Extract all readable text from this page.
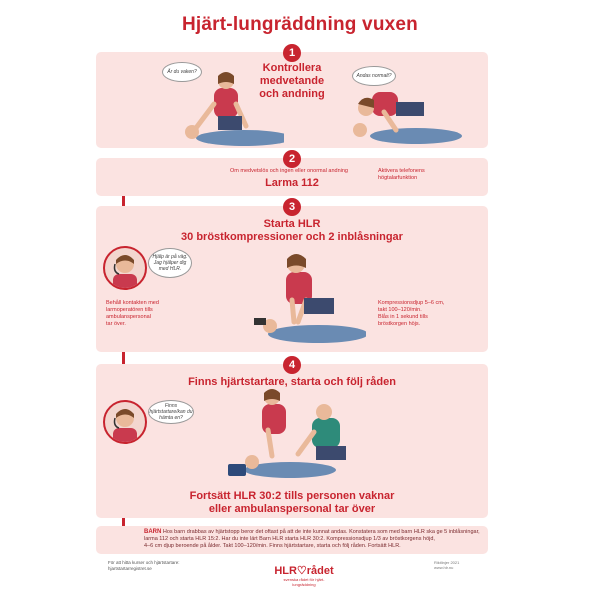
Hjärt-lungräddning vuxen
1
Kontrollera medvetande
och andning
Är du vaken?
Andas normalt?
2
Om medvetslös och ingen eller onormal andning
Larma 112
Aktivera telefonens
högtalarfunktion
3
Starta HLR
30 bröstkompressioner och 2 inblåsningar
Hjälp är på väg. Jag hjälper dig med HLR.
Behåll kontakten med
larmoperatören tills
ambulanspersonal
tar över.
Kompressionsdjup 5–6 cm,
takt 100–120/min.
Blås in 1 sekund tills
bröstkorgen höjs.
4
Finns hjärtstartare, starta och följ råden
Finns hjärtstartare/kan du hämta en?
Fortsätt HLR 30:2 tills personen vaknar
eller ambulanspersonal tar över
BARN Hos barn drabbas av hjärtstopp beror det oftast på att de inte kunnat andas. Konstatera som med barn HLR ska ge 5 inblåsningar,
larma 112 och starta HLR 15:2. Har du inte lärt Barn HLR starta HLR 30:2. Kompressionsdjup 1/3 av bröstkorgens höjd,
4–6 cm djup beroende på ålder. Takt 100–120/min. Finns hjärtstartare, starta och följ råden. Fortsätt HLR.
För att hitta kurser och hjärtstartare:
hjartstartarregistret.se	HLR♡rådet
svenska rådet för hjärt-lungräddning
Riktlinjer 2021
www.hlr.nu
